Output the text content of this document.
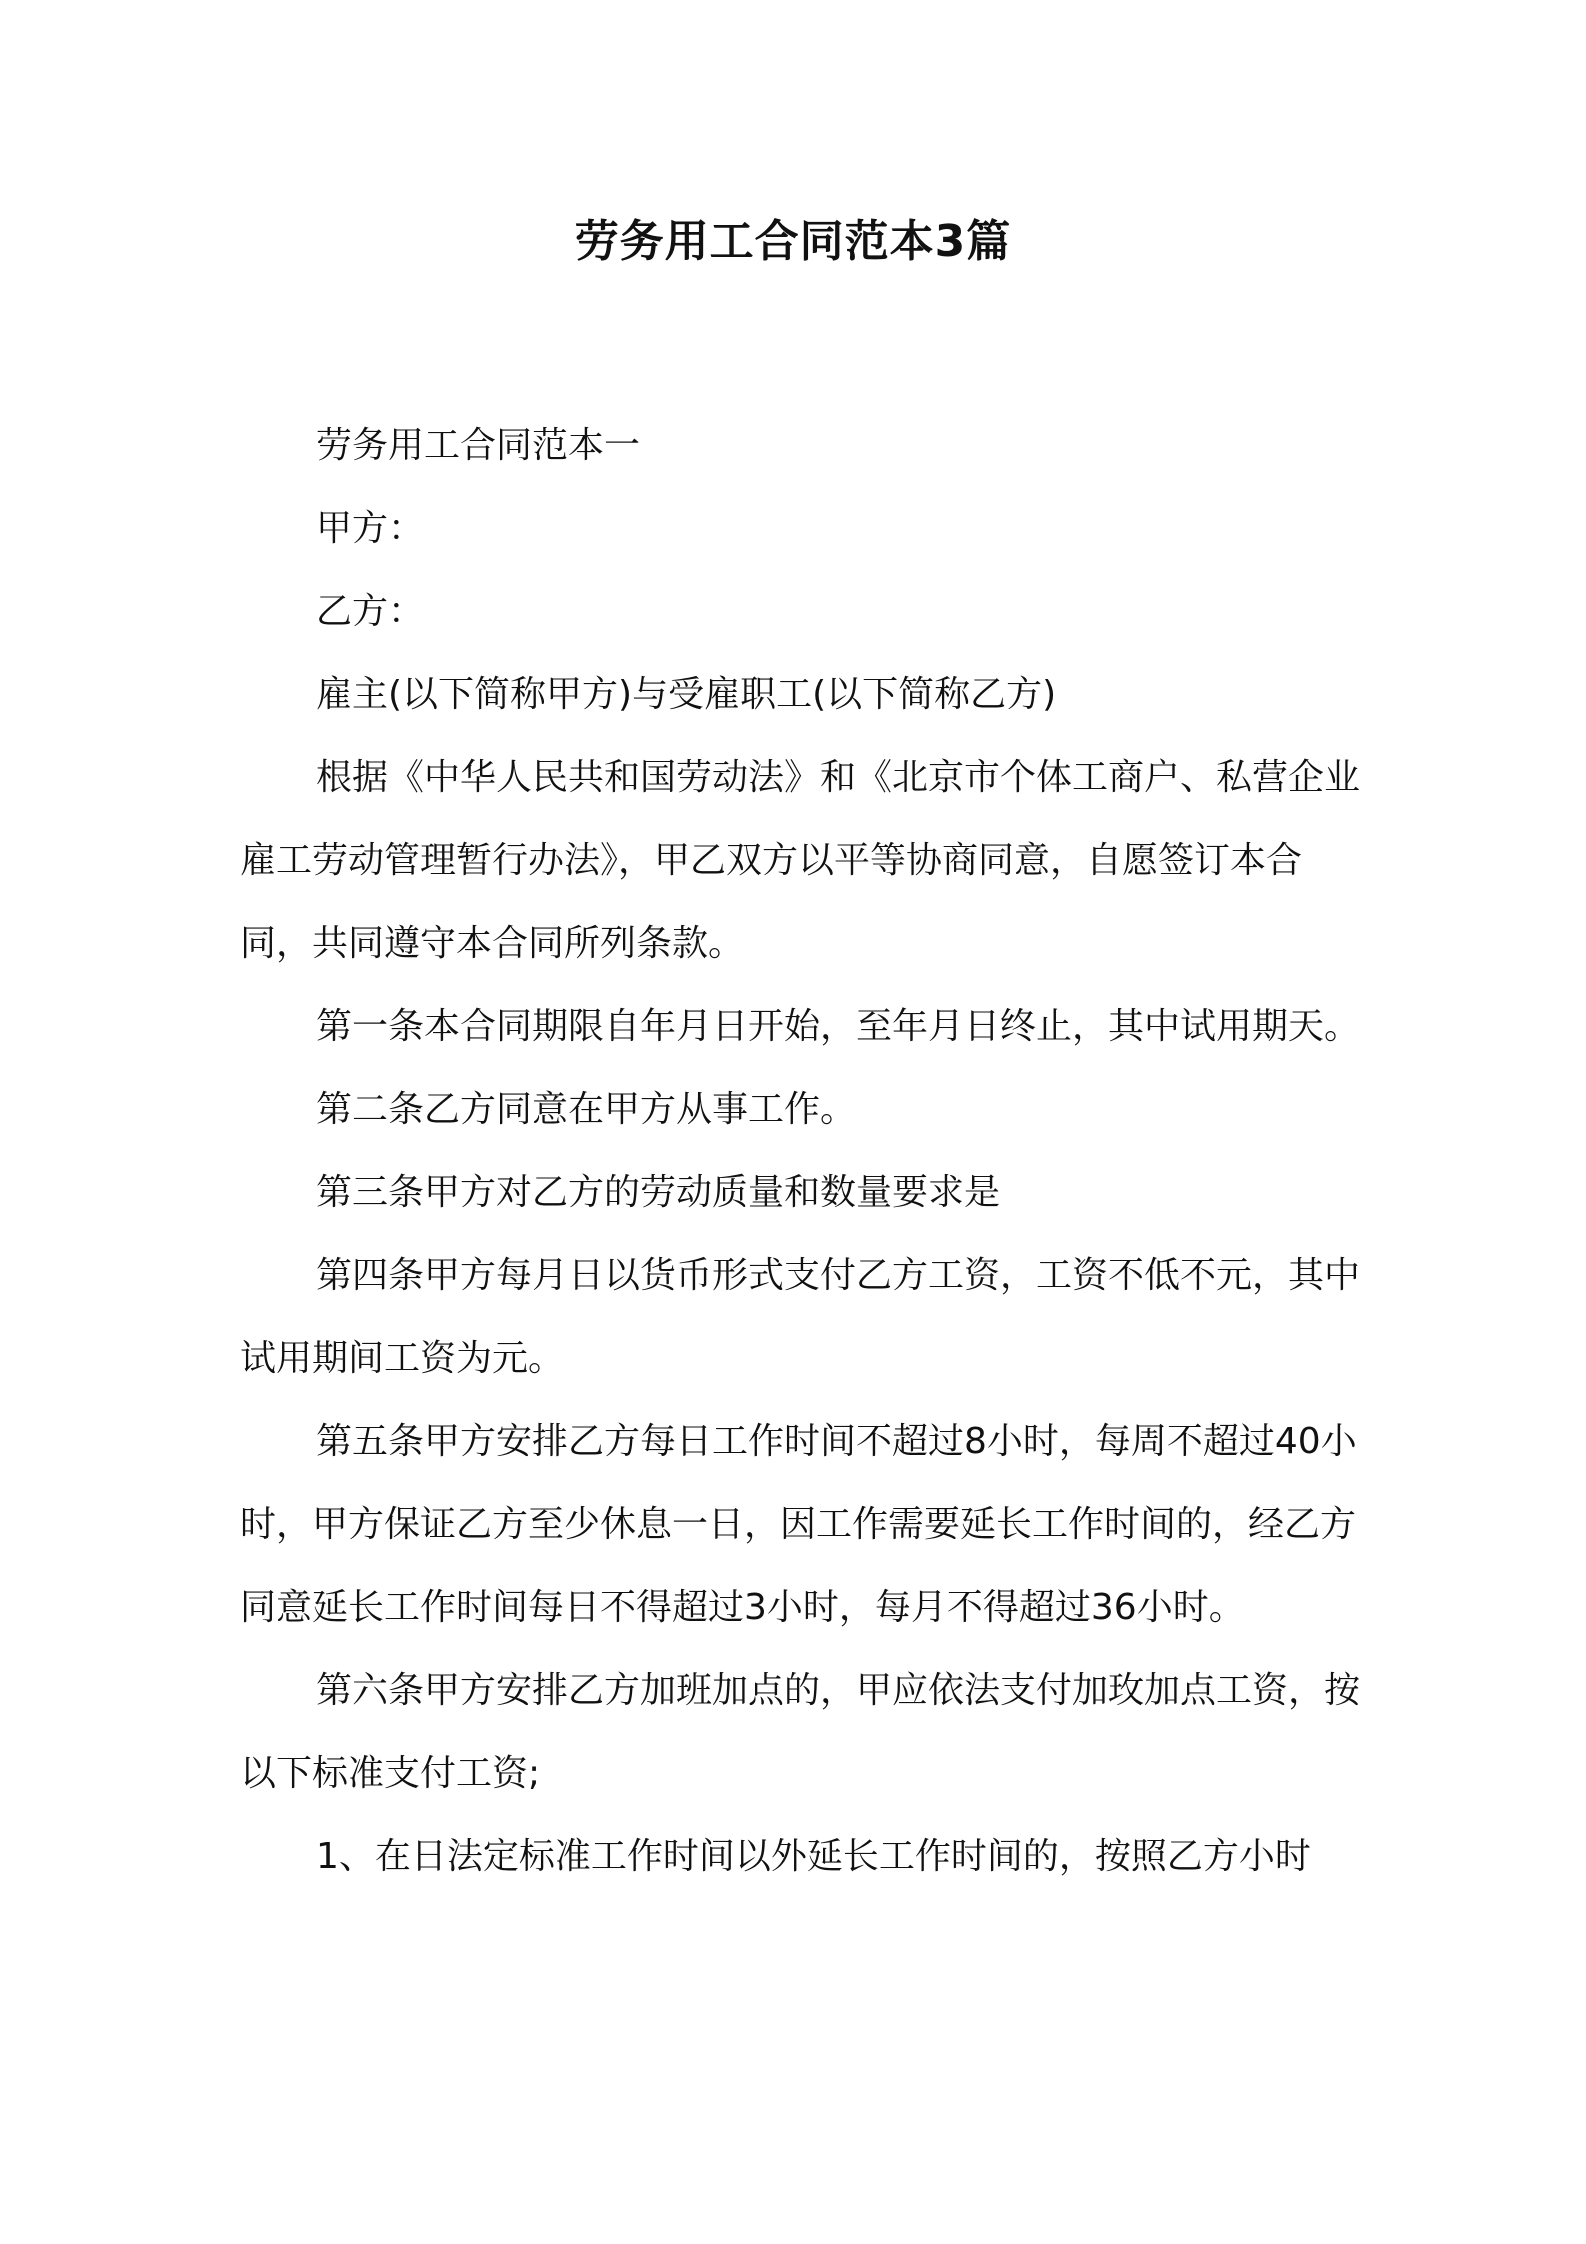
劳务用工合同范本3篇

劳务用工合同范本一

甲方：

乙方：

雇主(以下简称甲方)与受雇职工(以下简称乙方)

根据《中华人民共和国劳动法》和《北京市个体工商户、私营企业雇工劳动管理暂行办法》，甲乙双方以平等协商同意，自愿签订本合同，共同遵守本合同所列条款。

第一条本合同期限自年月日开始，至年月日终止，其中试用期天。

第二条乙方同意在甲方从事工作。

第三条甲方对乙方的劳动质量和数量要求是

第四条甲方每月日以货币形式支付乙方工资，工资不低不元，其中试用期间工资为元。

第五条甲方安排乙方每日工作时间不超过8小时，每周不超过40小时，甲方保证乙方至少休息一日，因工作需要延长工作时间的，经乙方同意延长工作时间每日不得超过3小时，每月不得超过36小时。

第六条甲方安排乙方加班加点的，甲应依法支付加玫加点工资，按以下标准支付工资;

1、在日法定标准工作时间以外延长工作时间的，按照乙方小时
